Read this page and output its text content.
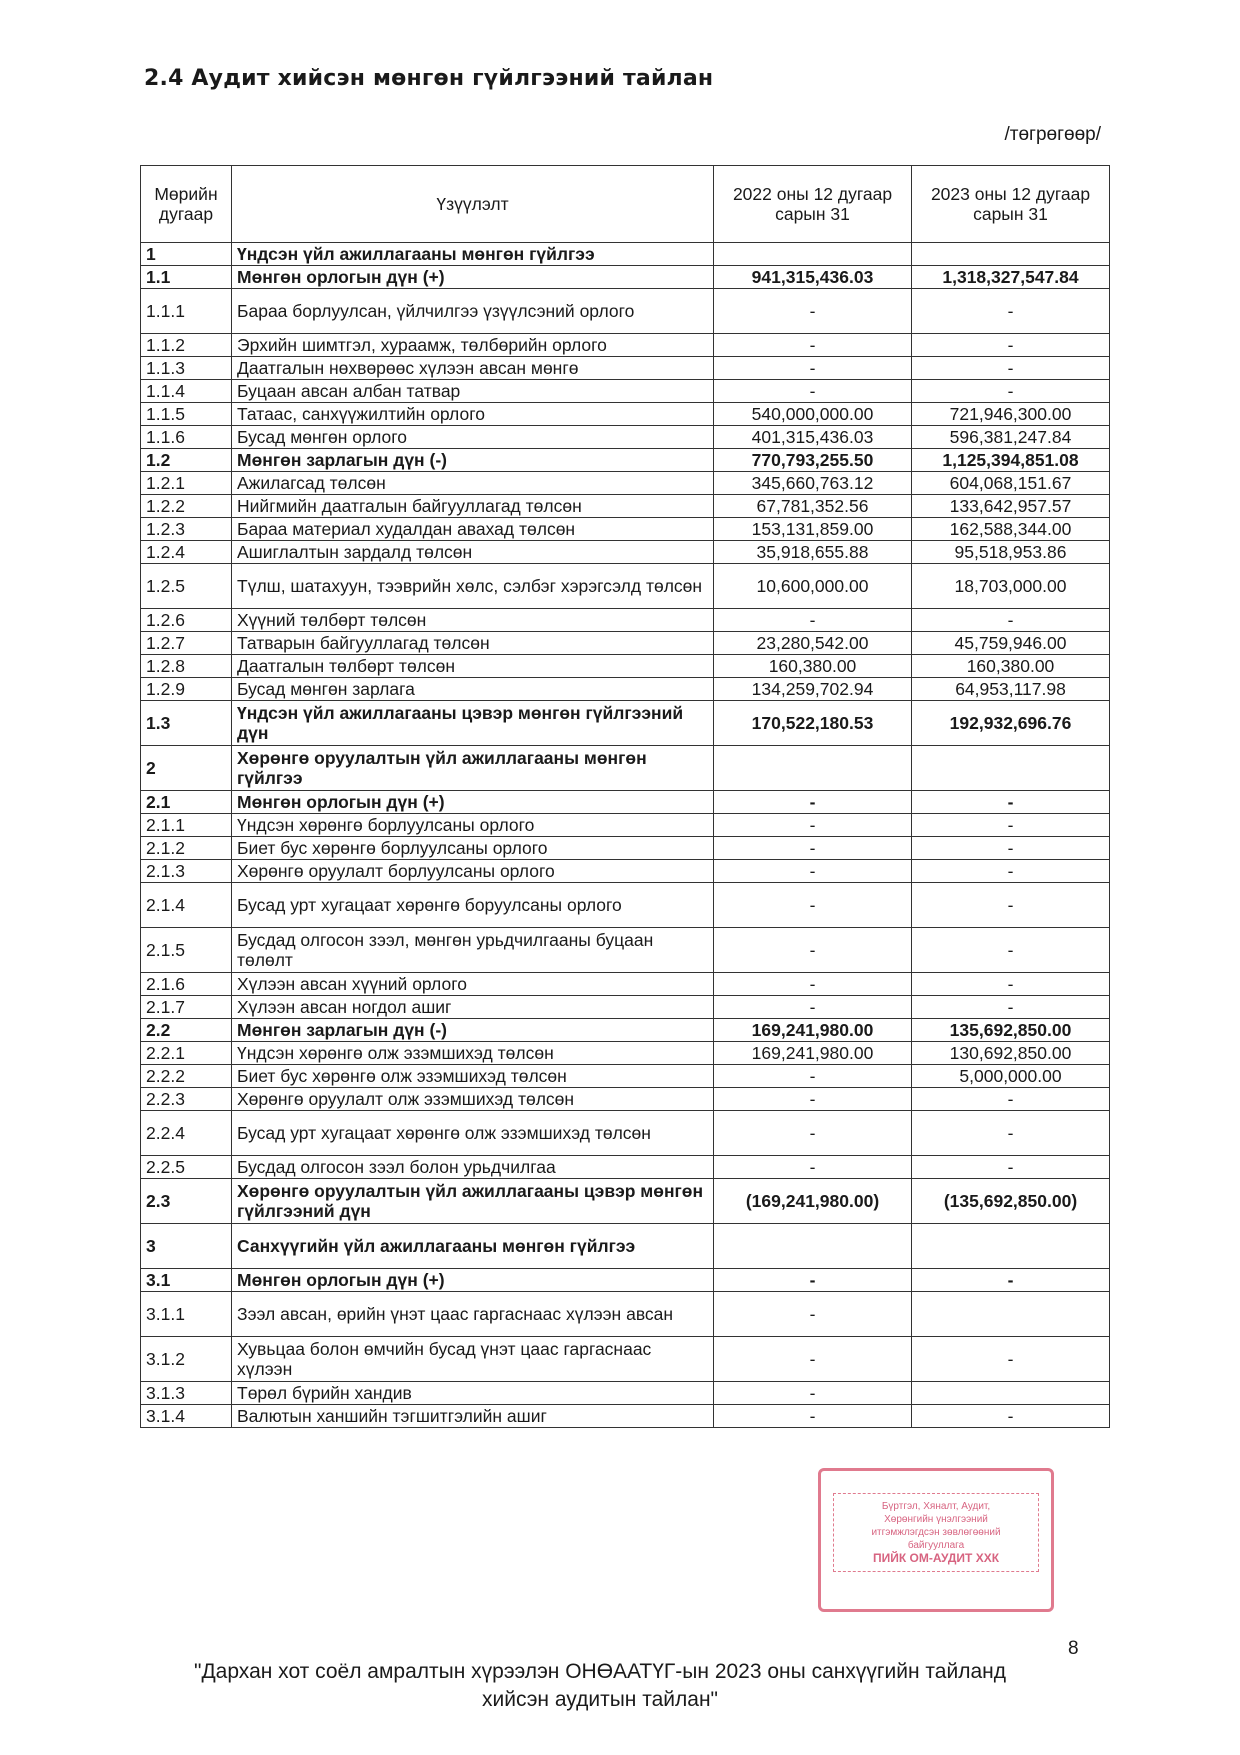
2.4 Аудит хийсэн мөнгөн гүйлгээний тайлан
/төгрөгөөр/
Мөрийн дугаар	Үзүүлэлт	2022 оны 12 дугаар сарын 31	2023 оны 12 дугаар сарын 31
1	Үндсэн үйл ажиллагааны мөнгөн гүйлгээ		
1.1	Мөнгөн орлогын дүн (+)	941,315,436.03	1,318,327,547.84
1.1.1	Бараа борлуулсан, үйлчилгээ үзүүлсэний орлого	-	-
1.1.2	Эрхийн шимтгэл, хураамж, төлбөрийн орлого	-	-
1.1.3	Даатгалын нөхвөрөөс хүлээн авсан мөнгө	-	-
1.1.4	Буцаан авсан албан татвар	-	-
1.1.5	Татаас, санхүүжилтийн орлого	540,000,000.00	721,946,300.00
1.1.6	Бусад мөнгөн орлого	401,315,436.03	596,381,247.84
1.2	Мөнгөн зарлагын дүн (-)	770,793,255.50	1,125,394,851.08
1.2.1	Ажилагсад төлсөн	345,660,763.12	604,068,151.67
1.2.2	Нийгмийн даатгалын байгууллагад төлсөн	67,781,352.56	133,642,957.57
1.2.3	Бараа материал худалдан авахад төлсөн	153,131,859.00	162,588,344.00
1.2.4	Ашиглалтын зардалд төлсөн	35,918,655.88	95,518,953.86
1.2.5	Түлш, шатахуун, тээврийн хөлс, сэлбэг хэрэгсэлд төлсөн	10,600,000.00	18,703,000.00
1.2.6	Хүүний төлбөрт төлсөн	-	-
1.2.7	Татварын байгууллагад төлсөн	23,280,542.00	45,759,946.00
1.2.8	Даатгалын төлбөрт төлсөн	160,380.00	160,380.00
1.2.9	Бусад мөнгөн зарлага	134,259,702.94	64,953,117.98
1.3	Үндсэн үйл ажиллагааны цэвэр мөнгөн гүйлгээний дүн	170,522,180.53	192,932,696.76
2	Хөрөнгө оруулалтын үйл ажиллагааны мөнгөн гүйлгээ		
2.1	Мөнгөн орлогын дүн (+)	-	-
2.1.1	Үндсэн хөрөнгө борлуулсаны орлого	-	-
2.1.2	Биет бус хөрөнгө борлуулсаны орлого	-	-
2.1.3	Хөрөнгө оруулалт борлуулсаны орлого	-	-
2.1.4	Бусад урт хугацаат хөрөнгө боруулсаны орлого	-	-
2.1.5	Бусдад олгосон зээл, мөнгөн урьдчилгааны буцаан төлөлт	-	-
2.1.6	Хүлээн авсан хүүний орлого	-	-
2.1.7	Хүлээн авсан ногдол ашиг	-	-
2.2	Мөнгөн зарлагын дүн (-)	169,241,980.00	135,692,850.00
2.2.1	Үндсэн хөрөнгө олж эзэмшихэд төлсөн	169,241,980.00	130,692,850.00
2.2.2	Биет бус хөрөнгө олж эзэмшихэд төлсөн	-	5,000,000.00
2.2.3	Хөрөнгө оруулалт олж эзэмшихэд төлсөн	-	-
2.2.4	Бусад урт хугацаат хөрөнгө олж эзэмшихэд төлсөн	-	-
2.2.5	Бусдад олгосон зээл болон урьдчилгаа	-	-
2.3	Хөрөнгө оруулалтын үйл ажиллагааны цэвэр мөнгөн гүйлгээний дүн	(169,241,980.00)	(135,692,850.00)
3	Санхүүгийн үйл ажиллагааны мөнгөн гүйлгээ		
3.1	Мөнгөн орлогын дүн (+)	-	-
3.1.1	Зээл авсан, өрийн үнэт цаас гаргаснаас хүлээн авсан	-	
3.1.2	Хувьцаа болон өмчийн бусад үнэт цаас гаргаснаас хүлээн	-	-
3.1.3	Төрөл бүрийн хандив	-	
3.1.4	Валютын ханшийн тэгшитгэлийн ашиг	-	-
Бүртгэл, Хяналт, Аудит,
Хөрөнгийн үнэлгээний
итгэмжлэгдсэн зөвлөгөөний
байгууллага
ПИЙК ОМ-АУДИТ ХХК
8
"Дархан хот соёл амралтын хүрээлэн ОНӨААТҮГ-ын 2023 оны санхүүгийн тайланд
хийсэн аудитын тайлан"
